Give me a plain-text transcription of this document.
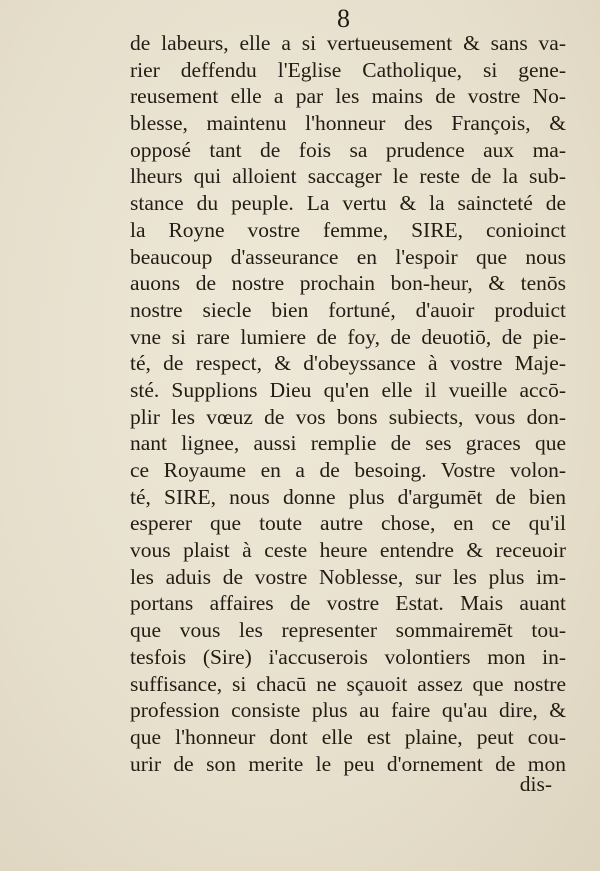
8
de labeurs, elle a si vertueusement & sans va-
rier deffendu l'Eglise Catholique, si gene-
reusement elle a par les mains de vostre No-
blesse, maintenu l'honneur des François, &
opposé tant de fois sa prudence aux ma-
lheurs qui alloient saccager le reste de la sub-
stance du peuple. La vertu & la saincteté de
la Royne vostre femme, SIRE, conioinct
beaucoup d'asseurance en l'espoir que nous
auons de nostre prochain bon-heur, & tenōs
nostre siecle bien fortuné, d'auoir produict
vne si rare lumiere de foy, de deuotiō, de pie-
té, de respect, & d'obeyssance à vostre Maje-
sté. Supplions Dieu qu'en elle il vueille accō-
plir les vœuz de vos bons subiects, vous don-
nant lignee, aussi remplie de ses graces que
ce Royaume en a de besoing. Vostre volon-
té, SIRE, nous donne plus d'argumēt de bien
esperer que toute autre chose, en ce qu'il
vous plaist à ceste heure entendre & receuoir
les aduis de vostre Noblesse, sur les plus im-
portans affaires de vostre Estat. Mais auant
que vous les representer sommairemēt tou-
tesfois (Sire) i'accuserois volontiers mon in-
suffisance, si chacū ne sçauoit assez que nostre
profession consiste plus au faire qu'au dire, &
que l'honneur dont elle est plaine, peut cou-
urir de son merite le peu d'ornement de mon
dis-
